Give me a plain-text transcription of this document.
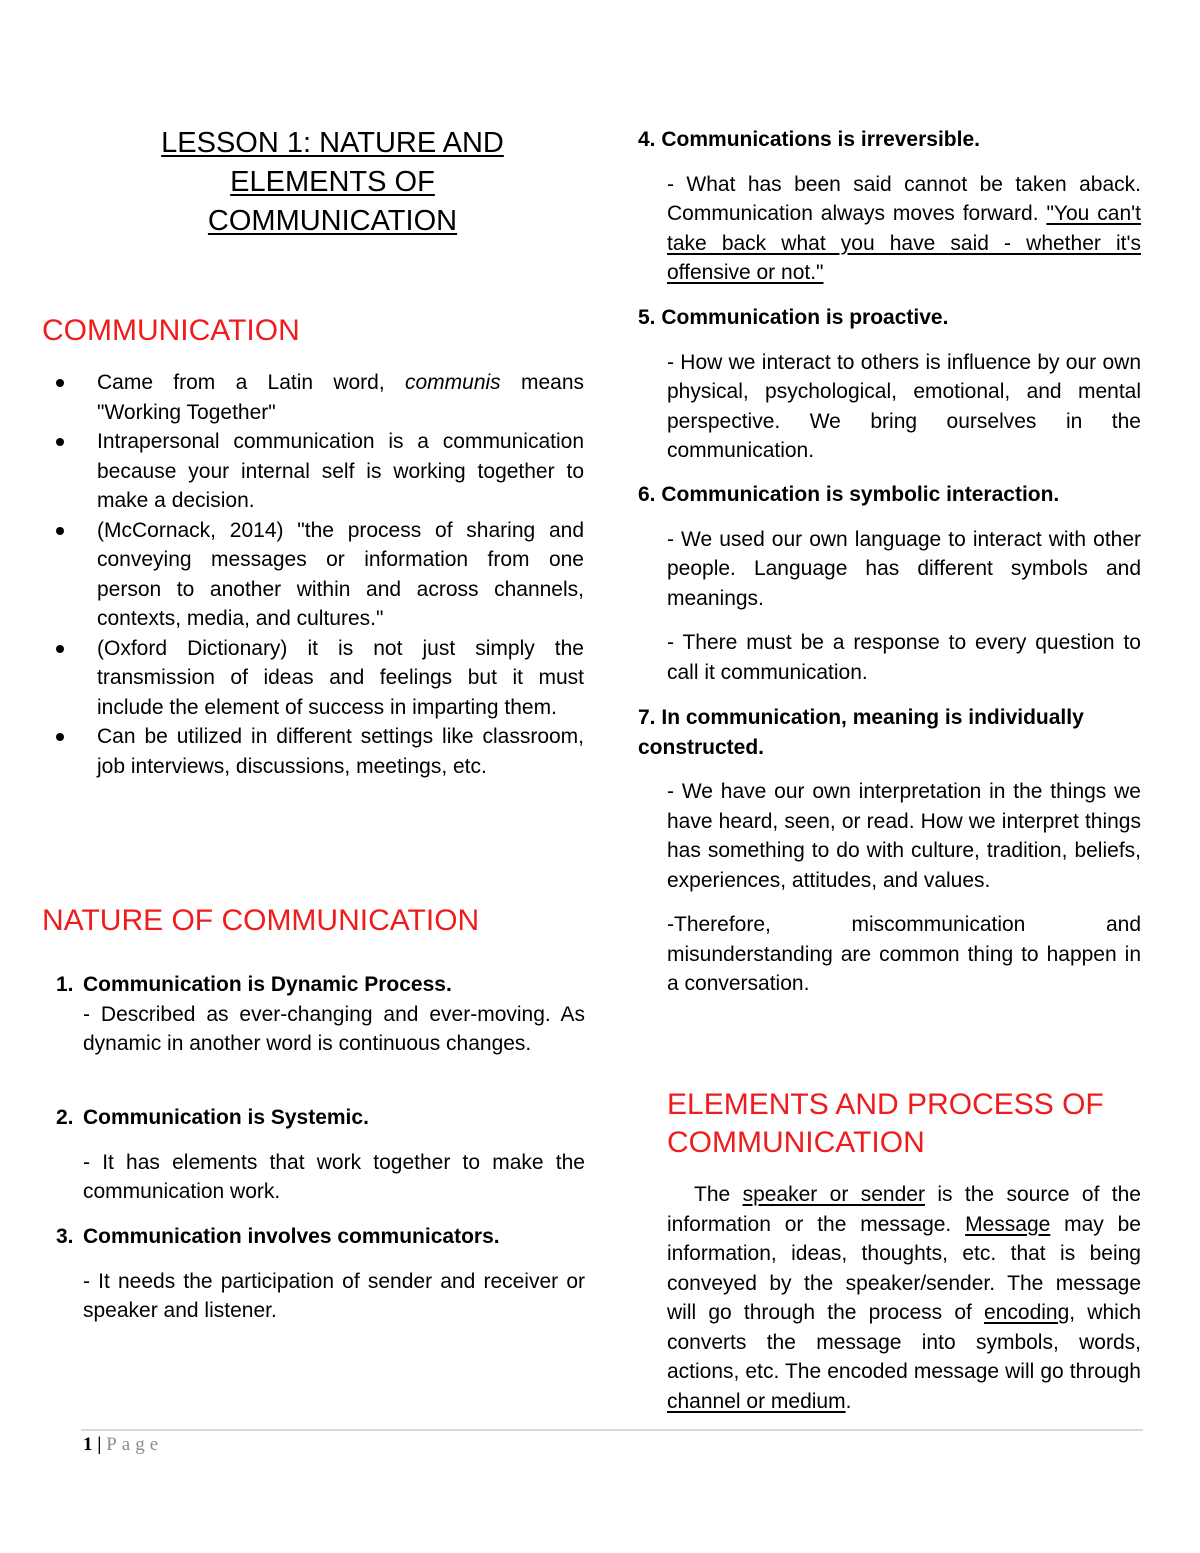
LESSON 1: NATURE AND
ELEMENTS OF
COMMUNICATION
COMMUNICATION
Came from a Latin word, communis means "Working Together"
Intrapersonal communication is a communication because your internal self is working together to make a decision.
(McCornack, 2014) "the process of sharing and conveying messages or information from one person to another within and across channels, contexts, media, and cultures."
(Oxford Dictionary) it is not just simply the transmission of ideas and feelings but it must include the element of success in imparting them.
Can be utilized in different settings like classroom, job interviews, discussions, meetings, etc.
NATURE OF COMMUNICATION
1. Communication is Dynamic Process.
- Described as ever-changing and ever-moving. As dynamic in another word is continuous changes.
2. Communication is Systemic.
- It has elements that work together to make the communication work.
3. Communication involves communicators.
- It needs the participation of sender and receiver or speaker and listener.
4. Communications is irreversible.
- What has been said cannot be taken aback. Communication always moves forward. "You can't take back what you have said - whether it's offensive or not."
5. Communication is proactive.
- How we interact to others is influence by our own physical, psychological, emotional, and mental perspective. We bring ourselves in the communication.
6. Communication is symbolic interaction.
- We used our own language to interact with other people. Language has different symbols and meanings.
- There must be a response to every question to call it communication.
7. In communication, meaning is individually constructed.
- We have our own interpretation in the things we have heard, seen, or read. How we interpret things has something to do with culture, tradition, beliefs, experiences, attitudes, and values.
-Therefore, miscommunication and misunderstanding are common thing to happen in a conversation.
ELEMENTS AND PROCESS OF
COMMUNICATION
The speaker or sender is the source of the information or the message. Message may be information, ideas, thoughts, etc. that is being conveyed by the speaker/sender. The message will go through the process of encoding, which converts the message into symbols, words, actions, etc. The encoded message will go through channel or medium.
1 | Page
